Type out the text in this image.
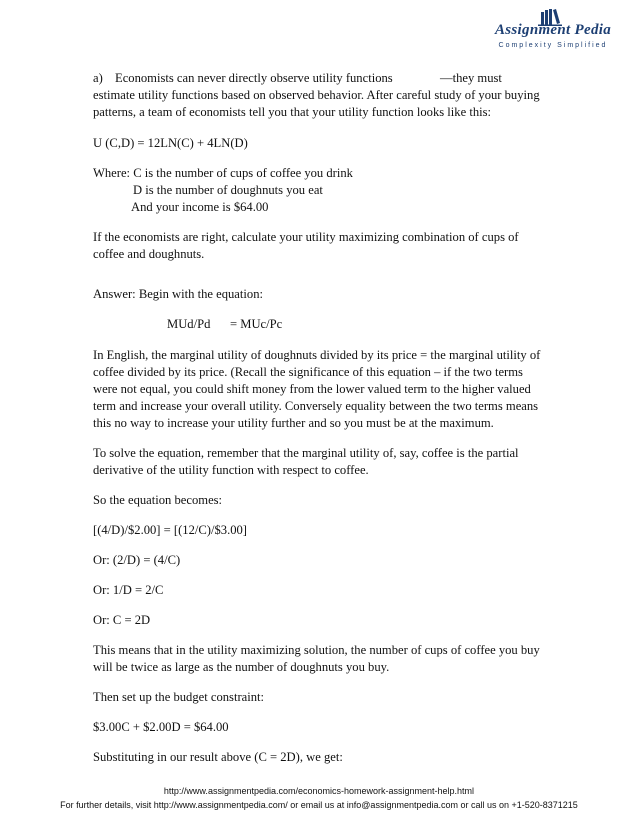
Assignment Pedia
Complexity Simplified
a) Economists can never directly observe utility functions	—they must
estimate utility functions based on observed behavior. After careful study of your buying
patterns, a team of economists tell you that your utility function looks like this:
U (C,D) = 12LN(C) + 4LN(D)
Where: C is the number of cups of coffee you drink
D is the number of doughnuts you eat
And your income is $64.00
If the economists are right, calculate your utility maximizing combination of cups of
coffee and doughnuts.
Answer: Begin with the equation:
MUd/Pd = MUc/Pc
In English, the marginal utility of doughnuts divided by its price = the marginal utility of
coffee divided by its price. (Recall the significance of this equation – if the two terms
were not equal, you could shift money from the lower valued term to the higher valued
term and increase your overall utility. Conversely equality between the two terms means
this no way to increase your utility further and so you must be at the maximum.
To solve the equation, remember that the marginal utility of, say, coffee is the partial
derivative of the utility function with respect to coffee.
So the equation becomes:
[(4/D)/$2.00] = [(12/C)/$3.00]
Or: (2/D) = (4/C)
Or: 1/D = 2/C
Or: C = 2D
This means that in the utility maximizing solution, the number of cups of coffee you buy
will be twice as large as the number of doughnuts you buy.
Then set up the budget constraint:
$3.00C + $2.00D = $64.00
Substituting in our result above (C = 2D), we get:
http://www.assignmentpedia.com/economics-homework-assignment-help.html
For further details, visit http://www.assignmentpedia.com/ or email us at info@assignmentpedia.com or call us on +1-520-8371215
